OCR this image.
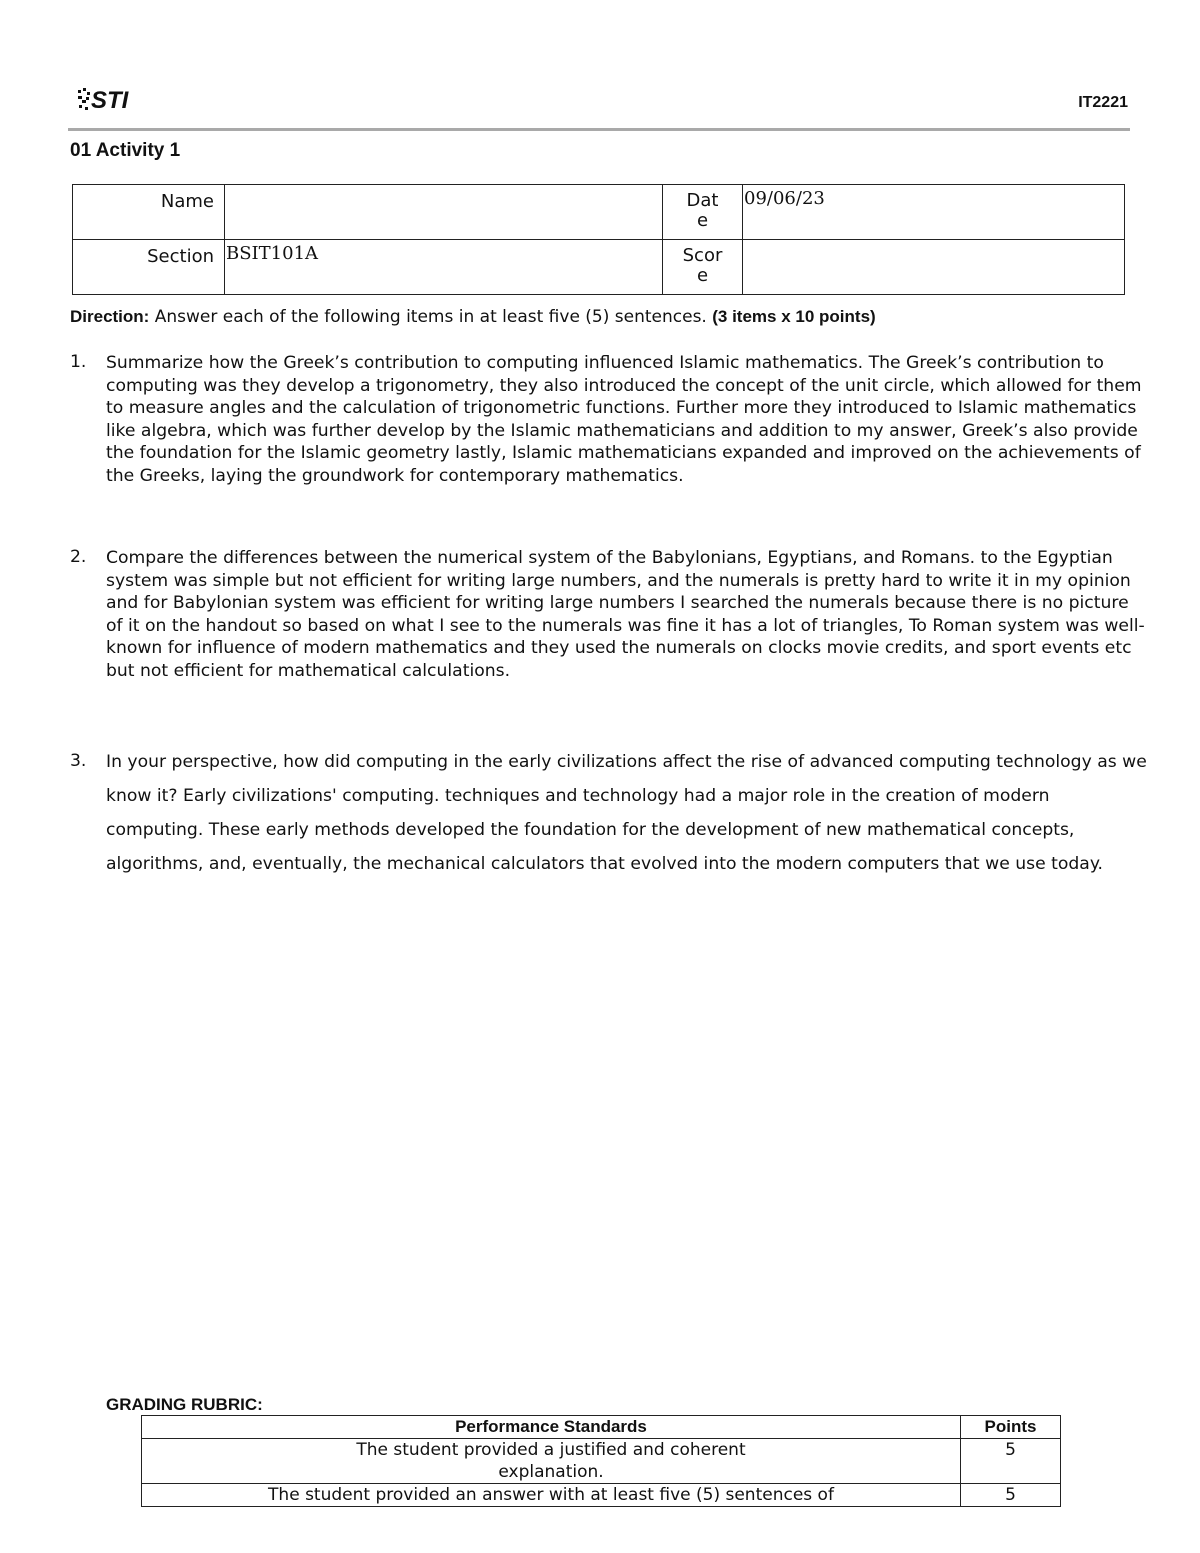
STI	IT2221
01 Activity 1
Name		Date	09/06/23
Section	BSIT101A	Score	

Direction: Answer each of the following items in at least five (5) sentences. (3 items x 10 points)
1. Summarize how the Greek’s contribution to computing influenced Islamic mathematics. The Greek’s contribution to computing was they develop a trigonometry, they also introduced the concept of the unit circle, which allowed for them to measure angles and the calculation of trigonometric functions. Further more they introduced to Islamic mathematics like algebra, which was further develop by the Islamic mathematicians and addition to my answer, Greek’s also provide the foundation for the Islamic geometry lastly, Islamic mathematicians expanded and improved on the achievements of the Greeks, laying the groundwork for contemporary mathematics.
2. Compare the differences between the numerical system of the Babylonians, Egyptians, and Romans. to the Egyptian system was simple but not efficient for writing large numbers, and the numerals is pretty hard to write it in my opinion and for Babylonian system was efficient for writing large numbers I searched the numerals because there is no picture of it on the handout so based on what I see to the numerals was fine it has a lot of triangles, To Roman system was well-known for influence of modern mathematics and they used the numerals on clocks movie credits, and sport events etc but not efficient for mathematical calculations.
3. In your perspective, how did computing in the early civilizations affect the rise of advanced computing technology as we know it? Early civilizations' computing. techniques and technology had a major role in the creation of modern computing. These early methods developed the foundation for the development of new mathematical concepts, algorithms, and, eventually, the mechanical calculators that evolved into the modern computers that we use today.
GRADING RUBRIC:
Performance Standards	Points

The student provided a justified and coherent explanation.	5
The student provided an answer with at least five (5) sentences of	5
